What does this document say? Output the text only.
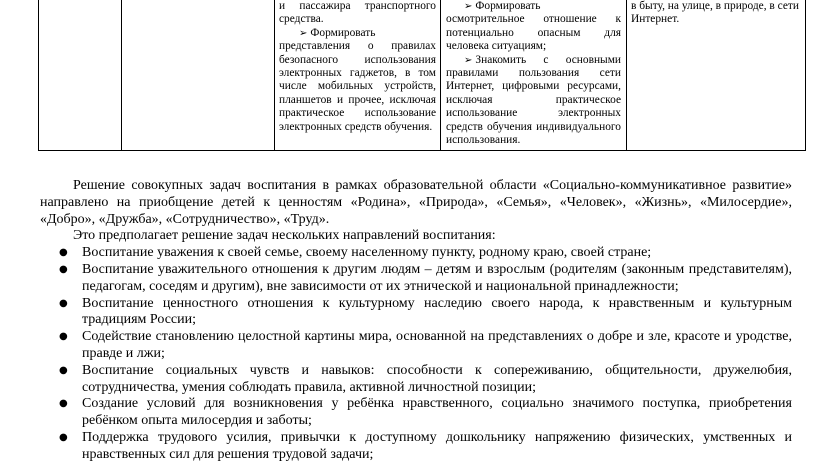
и пассажира транспортного средства.

➢ Формировать представления о правилах безопасного использования электронных гаджетов, в том числе мобильных устройств, планшетов и прочее, исключая практическое использование электронных средств обучения.

➢ Формировать осмотрительное отношение к потенциально опасным для человека ситуациям;

➢ Знакомить с основными правилами пользования сети Интернет, цифровыми ресурсами, исключая практическое использование электронных средств обучения индивидуального использования.

в быту, на улице, в природе, в сети Интернет.

Решение совокупных задач воспитания в рамках образовательной области «Социально-коммуникативное развитие» направлено на приобщение детей к ценностям «Родина», «Природа», «Семья», «Человек», «Жизнь», «Милосердие», «Добро», «Дружба», «Сотрудничество», «Труд».

Это предполагает решение задач нескольких направлений воспитания:

● Воспитание уважения к своей семье, своему населенному пункту, родному краю, своей стране;
● Воспитание уважительного отношения к другим людям – детям и взрослым (родителям (законным представителям), педагогам, соседям и другим), вне зависимости от их этнической и национальной принадлежности;
● Воспитание ценностного отношения к культурному наследию своего народа, к нравственным и культурным традициям России;
● Содействие становлению целостной картины мира, основанной на представлениях о добре и зле, красоте и уродстве, правде и лжи;
● Воспитание социальных чувств и навыков: способности к сопереживанию, общительности, дружелюбия, сотрудничества, умения соблюдать правила, активной личностной позиции;
● Создание условий для возникновения у ребёнка нравственного, социально значимого поступка, приобретения ребёнком опыта милосердия и заботы;
● Поддержка трудового усилия, привычки к доступному дошкольнику напряжению физических, умственных и нравственных сил для решения трудовой задачи;
